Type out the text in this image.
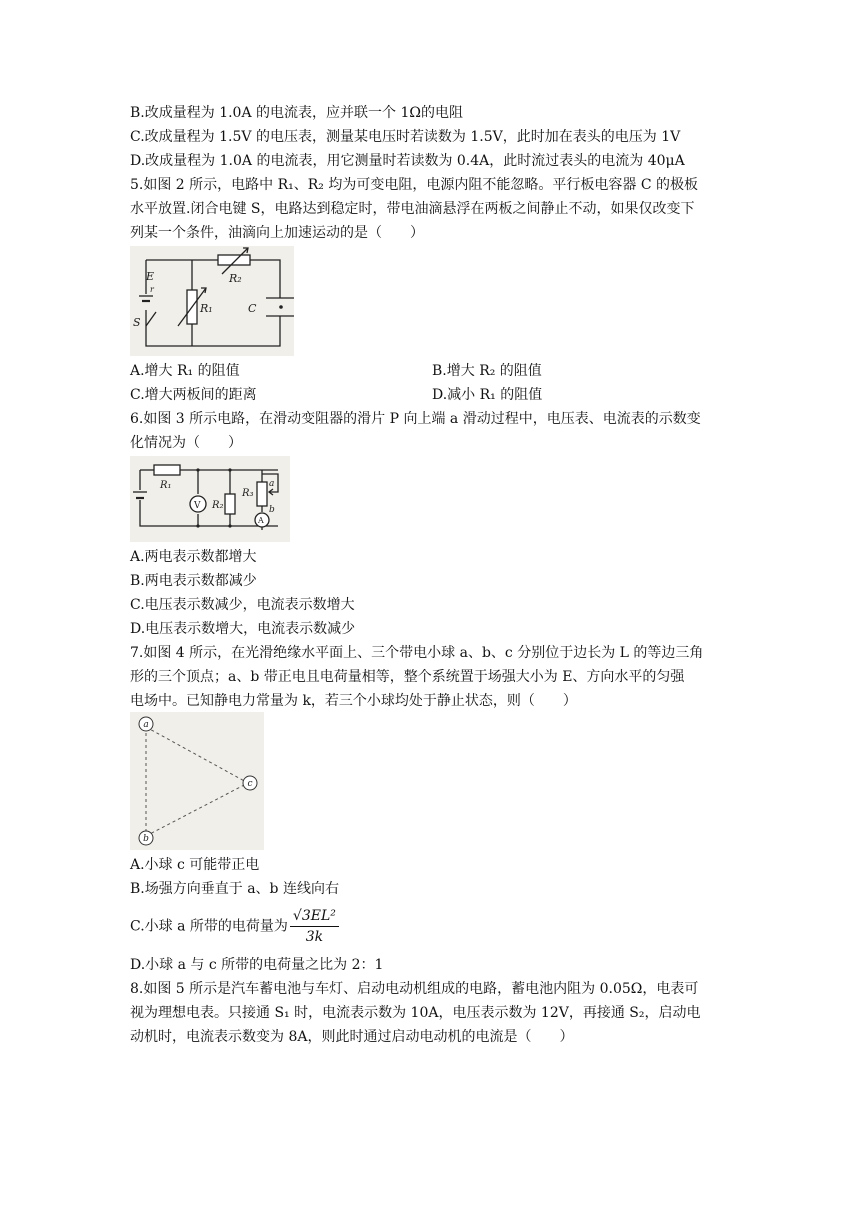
B.改成量程为 1.0A 的电流表，应并联一个 1Ω的电阻
C.改成量程为 1.5V 的电压表，测量某电压时若读数为 1.5V，此时加在表头的电压为 1V
D.改成量程为 1.0A 的电流表，用它测量时若读数为 0.4A，此时流过表头的电流为 40μA
5.如图 2 所示，电路中 R₁、R₂ 均为可变电阻，电源内阻不能忽略。平行板电容器 C 的极板
水平放置.闭合电键 S，电路达到稳定时，带电油滴悬浮在两板之间静止不动，如果仅改变下
列某一个条件，油滴向上加速运动的是（　　）
E
r
S
R₁
R₂
C
A.增大 R₁ 的阻值	B.增大 R₂ 的阻值
C.增大两板间的距离	D.减小 R₁ 的阻值
6.如图 3 所示电路，在滑动变阻器的滑片 P 向上端 a 滑动过程中，电压表、电流表的示数变
化情况为（　　）
R₁
V R₂
R₃
A
a
b
A.两电表示数都增大
B.两电表示数都减少
C.电压表示数减少，电流表示数增大
D.电压表示数增大，电流表示数减少
7.如图 4 所示，在光滑绝缘水平面上、三个带电小球 a、b、c 分别位于边长为 L 的等边三角
形的三个顶点；a、b 带正电且电荷量相等，整个系统置于场强大小为 E、方向水平的匀强
电场中。已知静电力常量为 k，若三个小球均处于静止状态，则（　　）
a
b
c
A.小球 c 可能带正电
B.场强方向垂直于 a、b 连线向右
C.小球 a 所带的电荷量为 $\frac{\text{√3EL²}}{3k}$
D.小球 a 与 c 所带的电荷量之比为 2：1
8.如图 5 所示是汽车蓄电池与车灯、启动电动机组成的电路，蓄电池内阻为 0.05Ω，电表可
视为理想电表。只接通 S₁ 时，电流表示数为 10A，电压表示数为 12V，再接通 S₂，启动电
动机时，电流表示数变为 8A，则此时通过启动电动机的电流是（　　）
